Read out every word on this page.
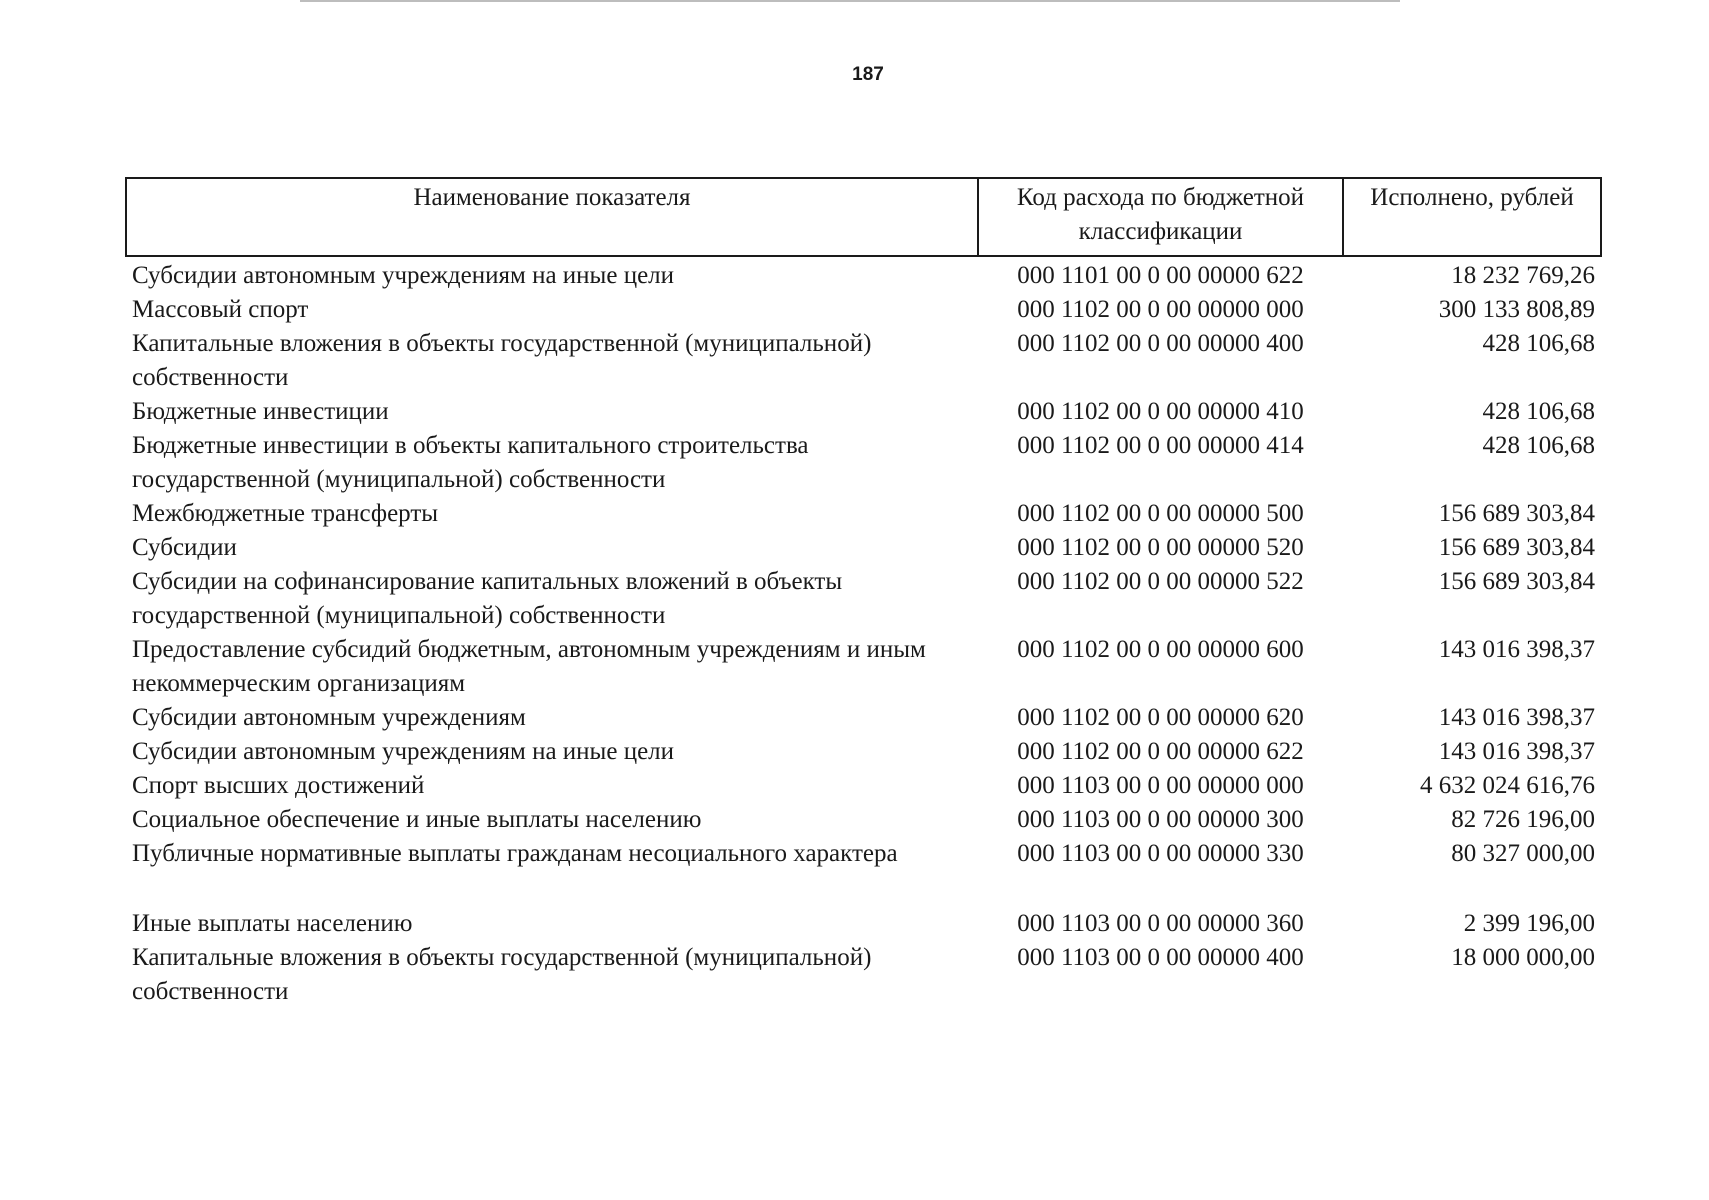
187
Наименование показателя	Код расхода по бюджетной классификации	Исполнено, рублей
Субсидии автономным учреждениям на иные цели	000 1101 00 0 00 00000 622	18 232 769,26
Массовый спорт	000 1102 00 0 00 00000 000	300 133 808,89
Капитальные вложения в объекты государственной (муниципальной) собственности	000 1102 00 0 00 00000 400	428 106,68
Бюджетные инвестиции	000 1102 00 0 00 00000 410	428 106,68
Бюджетные инвестиции в объекты капитального строительства государственной (муниципальной) собственности	000 1102 00 0 00 00000 414	428 106,68
Межбюджетные трансферты	000 1102 00 0 00 00000 500	156 689 303,84
Субсидии	000 1102 00 0 00 00000 520	156 689 303,84
Субсидии на софинансирование капитальных вложений в объекты государственной (муниципальной) собственности	000 1102 00 0 00 00000 522	156 689 303,84
Предоставление субсидий бюджетным, автономным учреждениям и иным некоммерческим организациям	000 1102 00 0 00 00000 600	143 016 398,37
Субсидии автономным учреждениям	000 1102 00 0 00 00000 620	143 016 398,37
Субсидии автономным учреждениям на иные цели	000 1102 00 0 00 00000 622	143 016 398,37
Спорт высших достижений	000 1103 00 0 00 00000 000	4 632 024 616,76
Социальное обеспечение и иные выплаты населению	000 1103 00 0 00 00000 300	82 726 196,00
Публичные нормативные выплаты гражданам несоциального характера	000 1103 00 0 00 00000 330	80 327 000,00

Иные выплаты населению	000 1103 00 0 00 00000 360	2 399 196,00
Капитальные вложения в объекты государственной (муниципальной) собственности	000 1103 00 0 00 00000 400	18 000 000,00
